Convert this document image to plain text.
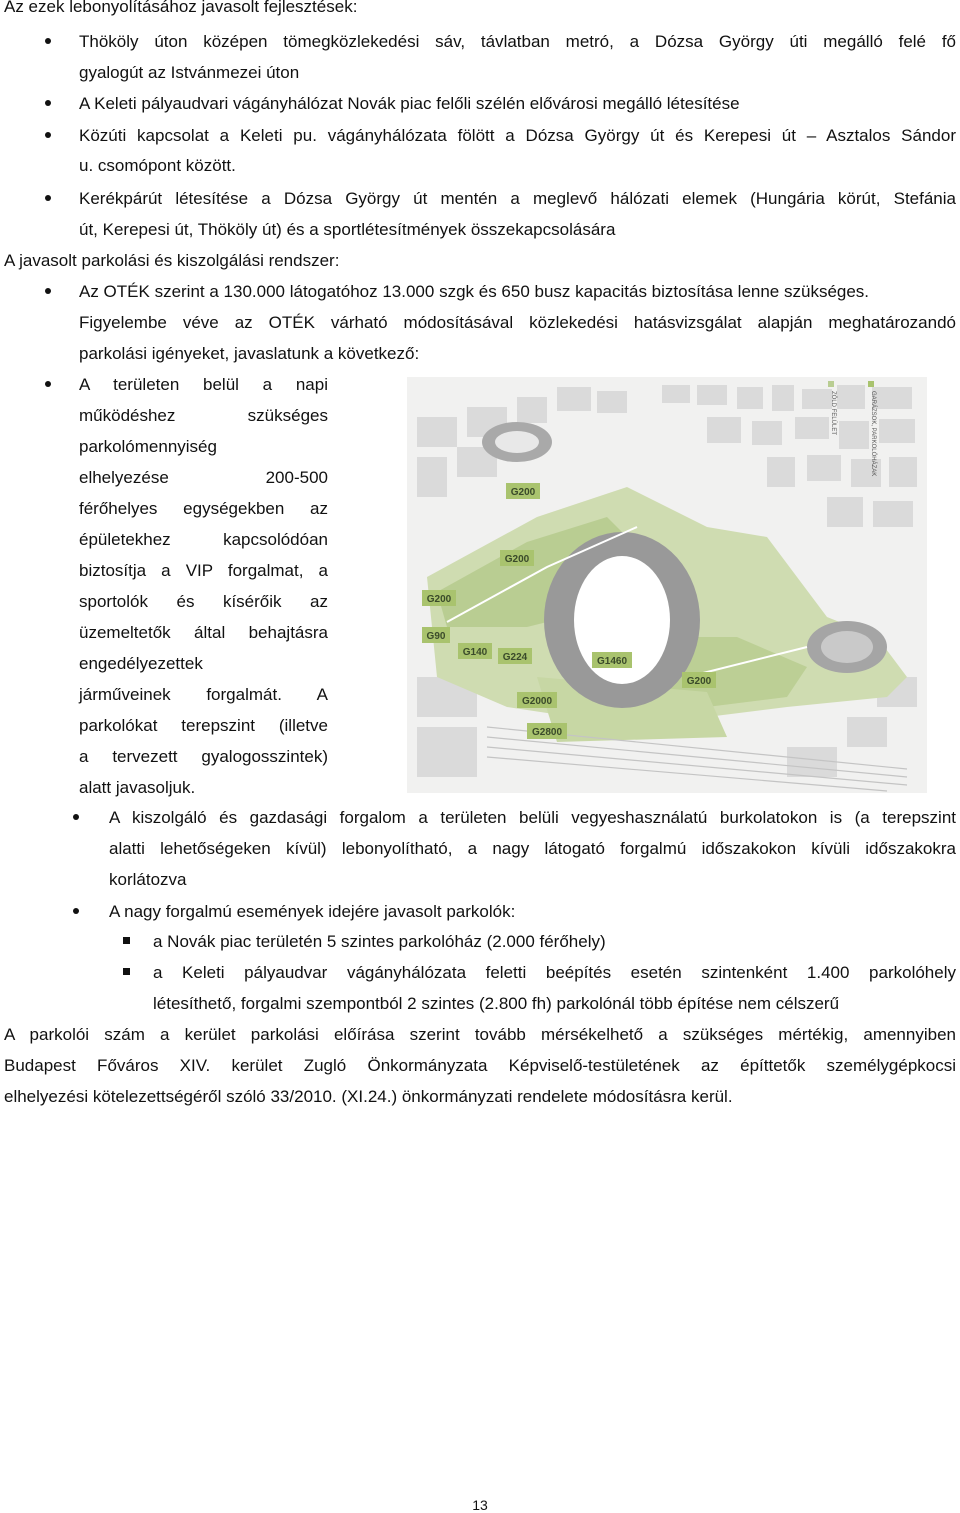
Az ezek lebonyolításához javasolt fejlesztések:
Thököly úton középen tömegközlekedési sáv, távlatban metró, a Dózsa György úti megálló felé fő
gyalogút az Istvánmezei úton
A Keleti pályaudvari vágányhálózat Novák piac felőli szélén elővárosi megálló létesítése
Közúti kapcsolat a Keleti pu. vágányhálózata fölött a Dózsa György út és Kerepesi út – Asztalos Sándor
u. csomópont között.
Kerékpárút létesítése a Dózsa György út mentén a meglevő hálózati elemek (Hungária körút, Stefánia
út, Kerepesi út, Thököly út) és a sportlétesítmények összekapcsolására
A javasolt parkolási és kiszolgálási rendszer:
Az OTÉK szerint a 130.000 látogatóhoz 13.000 szgk és 650 busz kapacitás biztosítása lenne szükséges.
Figyelembe véve az OTÉK várható módosításával közlekedési hatásvizsgálat alapján meghatározandó
parkolási igényeket, javaslatunk a következő:
A területen belül a napi
működéshez szükséges
parkolómennyiség
elhelyezése 200-500
férőhelyes egységekben az
épületekhez kapcsolódóan
biztosítja a VIP forgalmat, a
sportolók és kísérőik az
üzemeltetők által behajtásra
engedélyezettek
járműveinek forgalmát. A
parkolókat terepszint (illetve
a tervezett gyalogosszintek)
alatt javasoljuk.
G200
G200
G200
G90
G140 G224	G1460
G200
G2000
G2800
ZÖLD FELÜLET	GARÁZSOK, PARKOLÓHÁZAK
A kiszolgáló és gazdasági forgalom a területen belüli vegyeshasználatú burkolatokon is (a terepszint
alatti lehetőségeken kívül) lebonyolítható, a nagy látogató forgalmú időszakokon kívüli időszakokra
korlátozva
A nagy forgalmú események idejére javasolt parkolók:
a Novák piac területén 5 szintes parkolóház (2.000 férőhely)
a Keleti pályaudvar vágányhálózata feletti beépítés esetén szintenként 1.400 parkolóhely
létesíthető, forgalmi szempontból 2 szintes (2.800 fh) parkolónál több építése nem célszerű
A parkolói szám a kerület parkolási előírása szerint tovább mérsékelhető a szükséges mértékig, amennyiben
Budapest Főváros XIV. kerület Zugló Önkormányzata Képviselő-testületének az építtetők személygépkocsi
elhelyezési kötelezettségéről szóló 33/2010. (XI.24.) önkormányzati rendelete módosításra kerül.
13
